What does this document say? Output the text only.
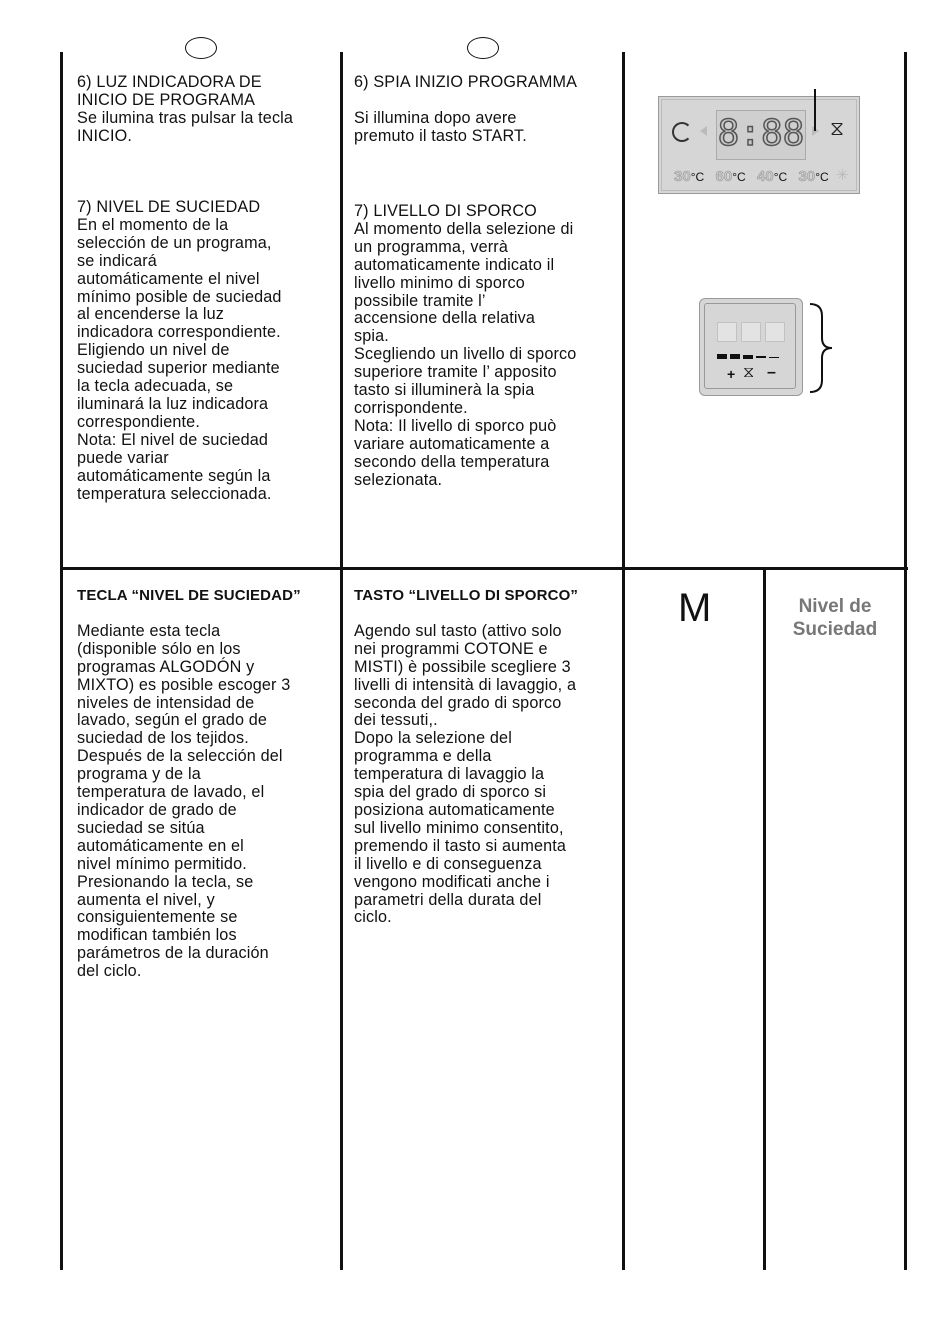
6) LUZ INDICADORA DE

INICIO DE PROGRAMA

Se ilumina tras pulsar la tecla

INICIO.

7) NIVEL DE SUCIEDAD

En el momento de la

selección de un programa,

se indicará

automáticamente el nivel

mínimo posible de suciedad

al encenderse la luz

indicadora correspondiente.

Eligiendo un nivel de

suciedad superior mediante

la tecla adecuada, se

iluminará la luz indicadora

correspondiente.

Nota: El nivel de suciedad

puede variar

automáticamente según la

temperatura seleccionada.

6) SPIA INIZIO PROGRAMMA

Si illumina dopo avere

premuto il tasto START.

7) LIVELLO DI SPORCO

Al momento della selezione di

un programma, verrà

automaticamente indicato il

livello minimo di sporco

possibile tramite l’

accensione della relativa

spia.

Scegliendo un livello di sporco

superiore tramite l’ apposito

tasto si illuminerà la spia

corrispondente.

Nota: Il livello di sporco può

variare automaticamente a

secondo della temperatura

selezionata.

8:88 ⧖
30°C 60°C 40°C 30°C ✳
+ ⧖ –

TECLA “NIVEL DE SUCIEDAD”

Mediante esta tecla

(disponible sólo en los

programas ALGODÓN y

MIXTO) es posible escoger 3

niveles de intensidad de

lavado, según el grado de

suciedad de los tejidos.

Después de la selección del

programa y de la

temperatura de lavado, el

indicador de grado de

suciedad se sitúa

automáticamente en el

nivel mínimo permitido.

Presionando la tecla, se

aumenta el nivel, y

consiguientemente se

modifican también los

parámetros de la duración

del ciclo.

TASTO “LIVELLO DI SPORCO”

Agendo sul tasto (attivo solo

nei programmi COTONE e

MISTI) è possibile scegliere 3

livelli di intensità di lavaggio, a

seconda del grado di sporco

dei tessuti,.

Dopo la selezione del

programma e della

temperatura di lavaggio la

spia del grado di sporco si

posiziona automaticamente

sul livello minimo consentito,

premendo il tasto si aumenta

il livello e di conseguenza

vengono modificati anche i

parametri della durata del

ciclo.

M	Nivel de
Suciedad
